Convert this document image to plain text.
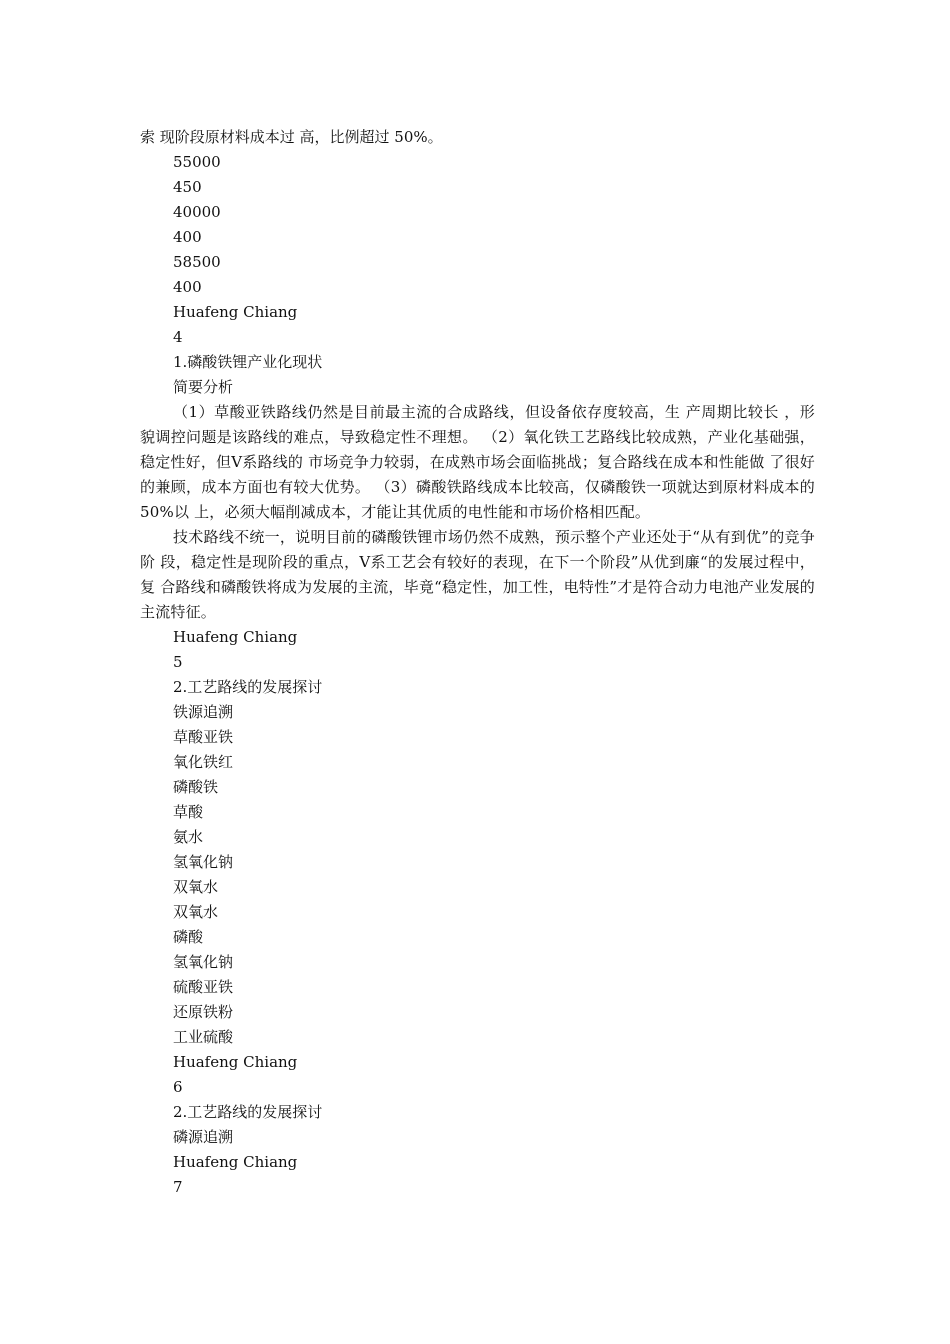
索 现阶段原材料成本过 高，比例超过 50%。

55000

450

40000

400

58500

400

Huafeng Chiang

4

1.磷酸铁锂产业化现状

简要分析

（1）草酸亚铁路线仍然是目前最主流的合成路线，但设备依存度较高，生 产周期比较长 ，形貌调控问题是该路线的难点，导致稳定性不理想。 （2）氧化铁工艺路线比较成熟，产业化基础强，稳定性好，但Ⅴ系路线的 市场竞争力较弱，在成熟市场会面临挑战；复合路线在成本和性能做 了很好的兼顾，成本方面也有较大优势。 （3）磷酸铁路线成本比较高，仅磷酸铁一项就达到原材料成本的 50%以 上，必须大幅削减成本，才能让其优质的电性能和市场价格相匹配。

技术路线不统一，说明目前的磷酸铁锂市场仍然不成熟，预示整个产业还处于“从有到优”的竞争阶 段，稳定性是现阶段的重点，Ⅴ系工艺会有较好的表现，在下一个阶段”从优到廉“的发展过程中，复 合路线和磷酸铁将成为发展的主流，毕竟“稳定性，加工性，电特性”才是符合动力电池产业发展的 主流特征。

Huafeng Chiang

5

2.工艺路线的发展探讨

铁源追溯

草酸亚铁

氧化铁红

磷酸铁

草酸

氨水

氢氧化钠

双氧水

双氧水

磷酸

氢氧化钠

硫酸亚铁

还原铁粉

工业硫酸

Huafeng Chiang

6

2.工艺路线的发展探讨

磷源追溯

Huafeng Chiang

7
